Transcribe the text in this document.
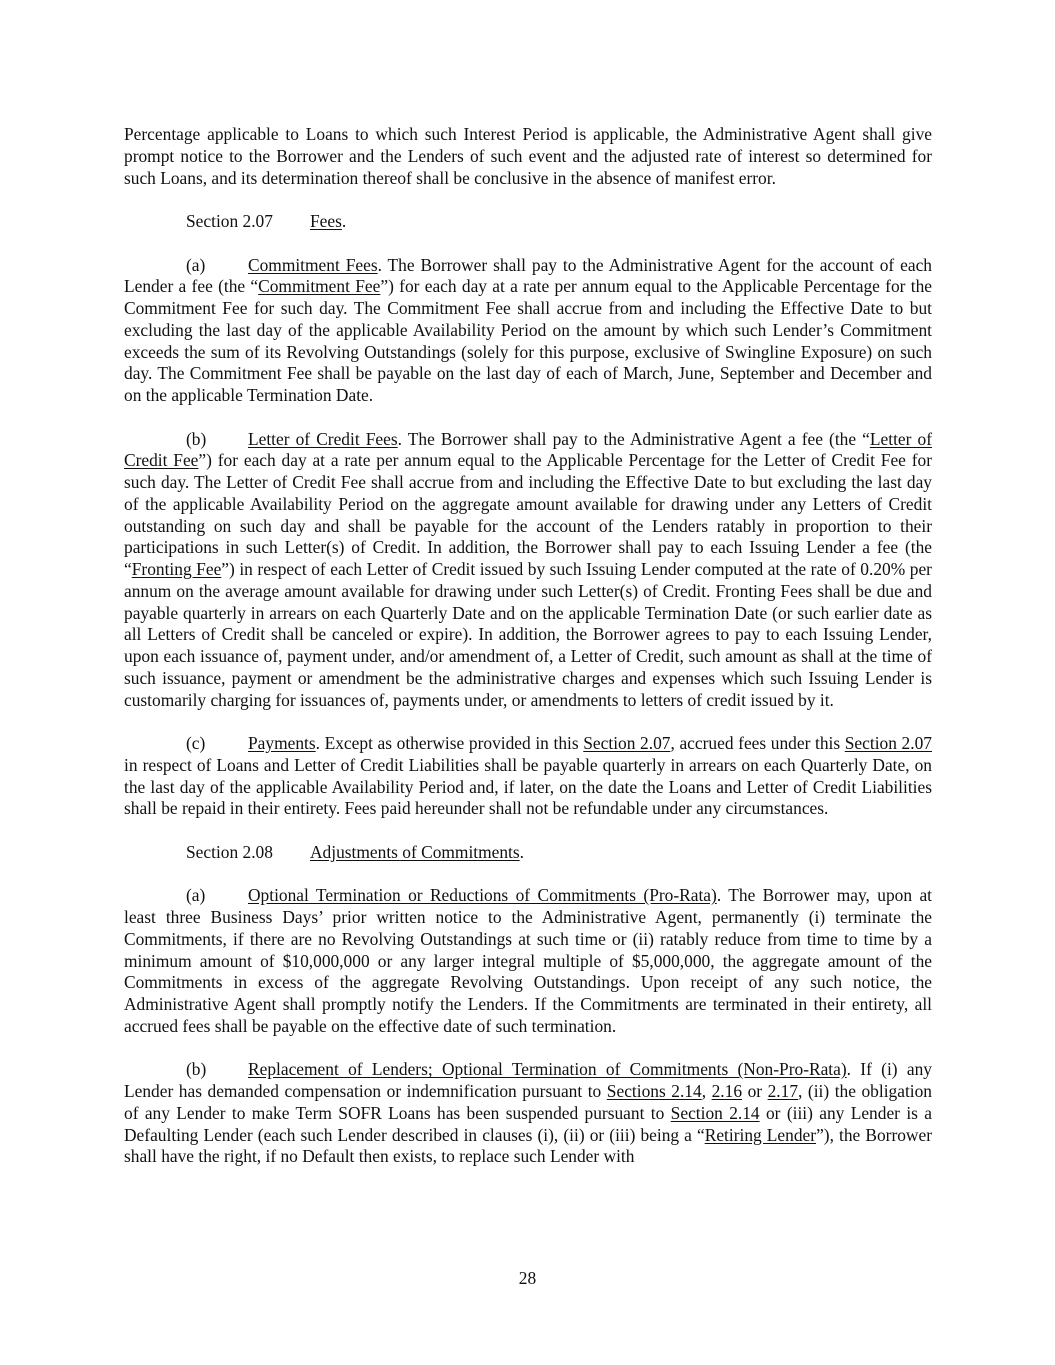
Percentage applicable to Loans to which such Interest Period is applicable, the Administrative Agent shall give prompt notice to the Borrower and the Lenders of such event and the adjusted rate of interest so determined for such Loans, and its determination thereof shall be conclusive in the absence of manifest error.

Section 2.07 Fees.

(a) Commitment Fees. The Borrower shall pay to the Administrative Agent for the account of each Lender a fee (the “Commitment Fee”) for each day at a rate per annum equal to the Applicable Percentage for the Commitment Fee for such day. The Commitment Fee shall accrue from and including the Effective Date to but excluding the last day of the applicable Availability Period on the amount by which such Lender’s Commitment exceeds the sum of its Revolving Outstandings (solely for this purpose, exclusive of Swingline Exposure) on such day. The Commitment Fee shall be payable on the last day of each of March, June, September and December and on the applicable Termination Date.

(b) Letter of Credit Fees. The Borrower shall pay to the Administrative Agent a fee (the “Letter of Credit Fee”) for each day at a rate per annum equal to the Applicable Percentage for the Letter of Credit Fee for such day. The Letter of Credit Fee shall accrue from and including the Effective Date to but excluding the last day of the applicable Availability Period on the aggregate amount available for drawing under any Letters of Credit outstanding on such day and shall be payable for the account of the Lenders ratably in proportion to their participations in such Letter(s) of Credit. In addition, the Borrower shall pay to each Issuing Lender a fee (the “Fronting Fee”) in respect of each Letter of Credit issued by such Issuing Lender computed at the rate of 0.20% per annum on the average amount available for drawing under such Letter(s) of Credit. Fronting Fees shall be due and payable quarterly in arrears on each Quarterly Date and on the applicable Termination Date (or such earlier date as all Letters of Credit shall be canceled or expire). In addition, the Borrower agrees to pay to each Issuing Lender, upon each issuance of, payment under, and/or amendment of, a Letter of Credit, such amount as shall at the time of such issuance, payment or amendment be the administrative charges and expenses which such Issuing Lender is customarily charging for issuances of, payments under, or amendments to letters of credit issued by it.

(c) Payments. Except as otherwise provided in this Section 2.07, accrued fees under this Section 2.07 in respect of Loans and Letter of Credit Liabilities shall be payable quarterly in arrears on each Quarterly Date, on the last day of the applicable Availability Period and, if later, on the date the Loans and Letter of Credit Liabilities shall be repaid in their entirety. Fees paid hereunder shall not be refundable under any circumstances.

Section 2.08 Adjustments of Commitments.

(a) Optional Termination or Reductions of Commitments (Pro-Rata). The Borrower may, upon at least three Business Days’ prior written notice to the Administrative Agent, permanently (i) terminate the Commitments, if there are no Revolving Outstandings at such time or (ii) ratably reduce from time to time by a minimum amount of $10,000,000 or any larger integral multiple of $5,000,000, the aggregate amount of the Commitments in excess of the aggregate Revolving Outstandings. Upon receipt of any such notice, the Administrative Agent shall promptly notify the Lenders. If the Commitments are terminated in their entirety, all accrued fees shall be payable on the effective date of such termination.

(b) Replacement of Lenders; Optional Termination of Commitments (Non-Pro-Rata). If (i) any Lender has demanded compensation or indemnification pursuant to Sections 2.14, 2.16 or 2.17, (ii) the obligation of any Lender to make Term SOFR Loans has been suspended pursuant to Section 2.14 or (iii) any Lender is a Defaulting Lender (each such Lender described in clauses (i), (ii) or (iii) being a “Retiring Lender”), the Borrower shall have the right, if no Default then exists, to replace such Lender with

28
